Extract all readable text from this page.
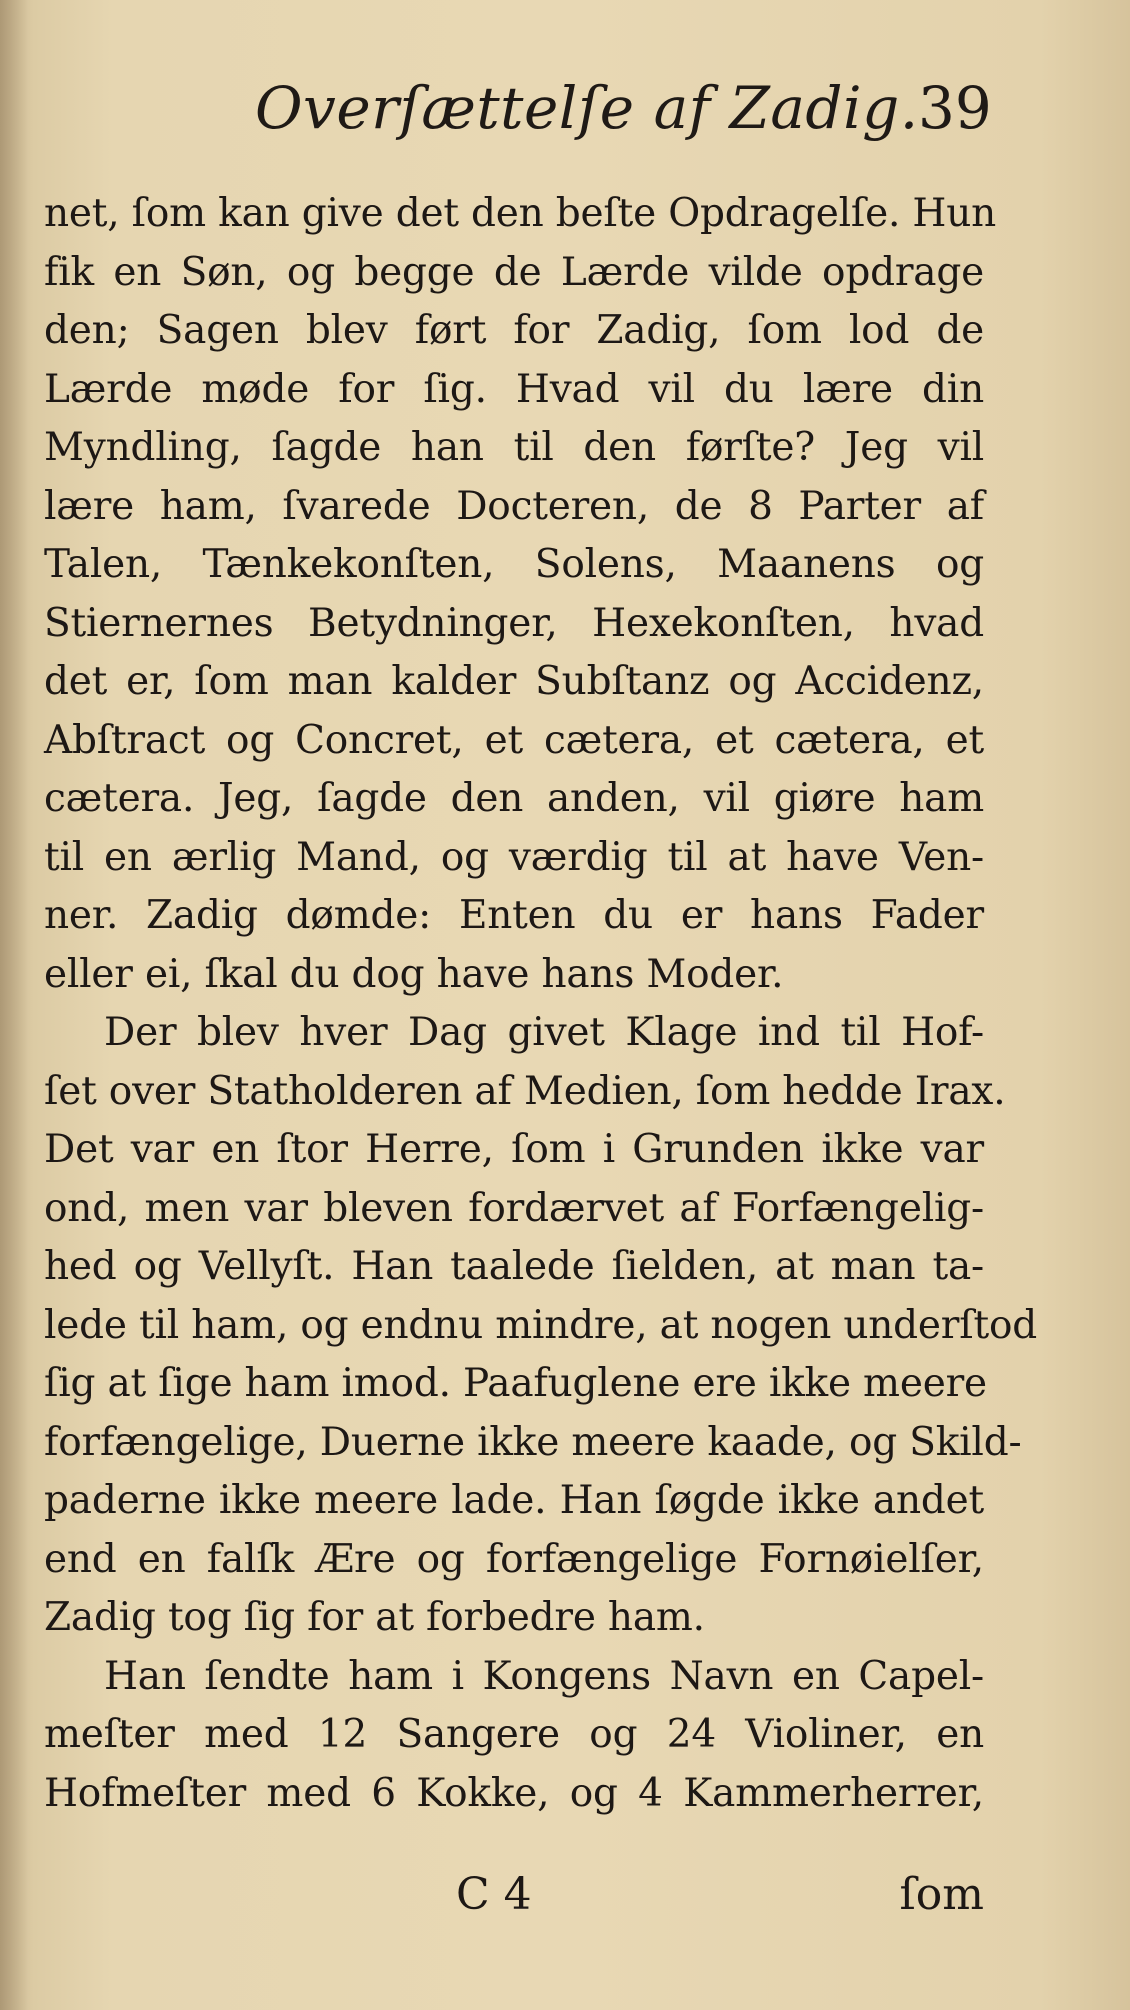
Overſættelſe af Zadig. 39
net, ſom kan give det den beſte Opdragelſe. Hun
fik en Søn, og begge de Lærde vilde opdrage
den; Sagen blev ført for Zadig, ſom lod de
Lærde møde for ſig. Hvad vil du lære din
Myndling, ſagde han til den førſte? Jeg vil
lære ham, ſvarede Docteren, de 8 Parter af
Talen, Tænkekonſten, Solens, Maanens og
Stiernernes Betydninger, Hexekonſten, hvad
det er, ſom man kalder Subſtanz og Accidenz,
Abſtract og Concret, et cætera, et cætera, et
cætera. Jeg, ſagde den anden, vil giøre ham
til en ærlig Mand, og værdig til at have Ven-
ner. Zadig dømde: Enten du er hans Fader
eller ei, ſkal du dog have hans Moder.
Der blev hver Dag givet Klage ind til Hof-
ſet over Statholderen af Medien, ſom hedde Irax.
Det var en ſtor Herre, ſom i Grunden ikke var
ond, men var bleven fordærvet af Forfængelig-
hed og Vellyſt. Han taalede ſielden, at man ta-
lede til ham, og endnu mindre, at nogen underſtod
ſig at ſige ham imod. Paafuglene ere ikke meere
forfængelige, Duerne ikke meere kaade, og Skild-
paderne ikke meere lade. Han ſøgde ikke andet
end en falſk Ære og forfængelige Fornøielſer,
Zadig tog ſig for at forbedre ham.
Han ſendte ham i Kongens Navn en Capel-
meſter med 12 Sangere og 24 Violiner, en
Hofmeſter med 6 Kokke, og 4 Kammerherrer,
C 4	ſom
